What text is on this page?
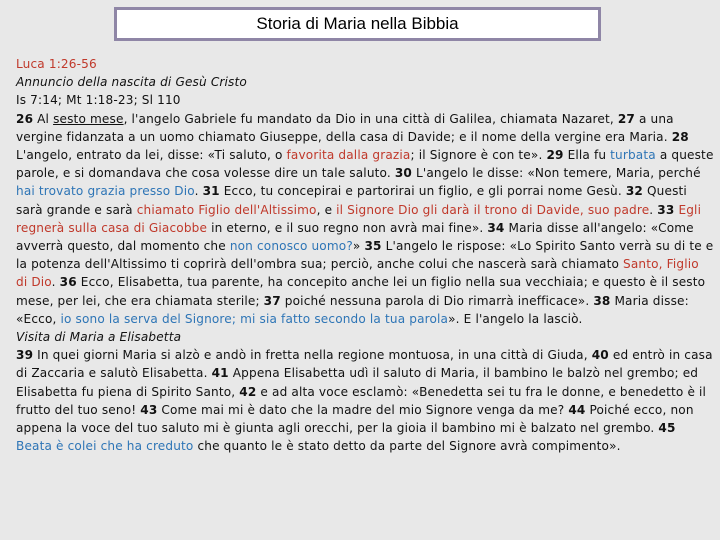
Storia di Maria nella Bibbia

Luca 1:26-56

Annuncio della nascita di Gesù Cristo

Is 7:14; Mt 1:18-23; Sl 110

26 Al sesto mese, l'angelo Gabriele fu mandato da Dio in una città di Galilea, chiamata Nazaret, 27 a una vergine fidanzata a un uomo chiamato Giuseppe, della casa di Davide; e il nome della vergine era Maria. 28 L'angelo, entrato da lei, disse: «Ti saluto, o favorita dalla grazia; il Signore è con te». 29 Ella fu turbata a queste parole, e si domandava che cosa volesse dire un tale saluto. 30 L'angelo le disse: «Non temere, Maria, perché hai trovato grazia presso Dio. 31 Ecco, tu concepirai e partorirai un figlio, e gli porrai nome Gesù. 32 Questi sarà grande e sarà chiamato Figlio dell'Altissimo, e il Signore Dio gli darà il trono di Davide, suo padre. 33 Egli regnerà sulla casa di Giacobbe in eterno, e il suo regno non avrà mai fine». 34 Maria disse all'angelo: «Come avverrà questo, dal momento che non conosco uomo?» 35 L'angelo le rispose: «Lo Spirito Santo verrà su di te e la potenza dell'Altissimo ti coprirà dell'ombra sua; perciò, anche colui che nascerà sarà chiamato Santo, Figlio di Dio. 36 Ecco, Elisabetta, tua parente, ha concepito anche lei un figlio nella sua vecchiaia; e questo è il sesto mese, per lei, che era chiamata sterile; 37 poiché nessuna parola di Dio rimarrà inefficace». 38 Maria disse: «Ecco, io sono la serva del Signore; mi sia fatto secondo la tua parola». E l'angelo la lasciò.

Visita di Maria a Elisabetta

39 In quei giorni Maria si alzò e andò in fretta nella regione montuosa, in una città di Giuda, 40 ed entrò in casa di Zaccaria e salutò Elisabetta. 41 Appena Elisabetta udì il saluto di Maria, il bambino le balzò nel grembo; ed Elisabetta fu piena di Spirito Santo, 42 e ad alta voce esclamò: «Benedetta sei tu fra le donne, e benedetto è il frutto del tuo seno! 43 Come mai mi è dato che la madre del mio Signore venga da me? 44 Poiché ecco, non appena la voce del tuo saluto mi è giunta agli orecchi, per la gioia il bambino mi è balzato nel grembo. 45 Beata è colei che ha creduto che quanto le è stato detto da parte del Signore avrà compimento».
